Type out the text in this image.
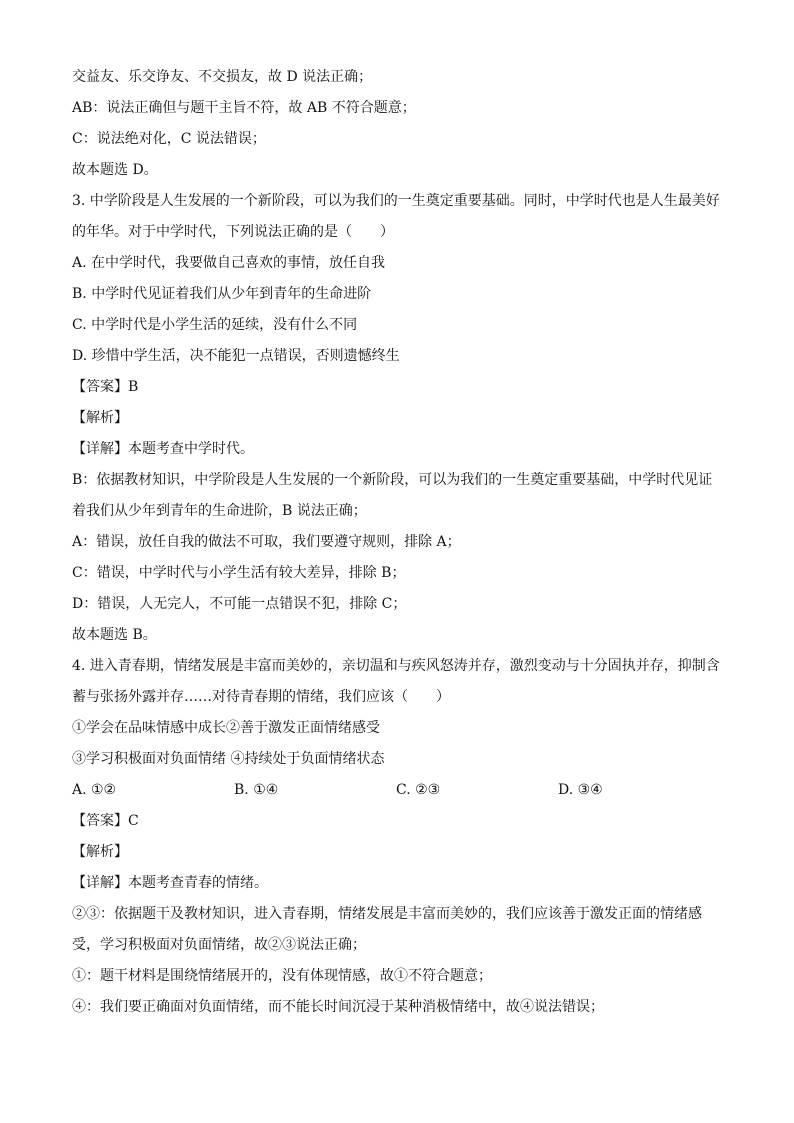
交益友、乐交诤友、不交损友，故 D 说法正确；
AB：说法正确但与题干主旨不符，故 AB 不符合题意；
C：说法绝对化，C 说法错误；
故本题选 D。
3. 中学阶段是人生发展的一个新阶段，可以为我们的一生奠定重要基础。同时，中学时代也是人生最美好
的年华。对于中学时代，下列说法正确的是（　　）
A. 在中学时代，我要做自己喜欢的事情，放任自我
B. 中学时代见证着我们从少年到青年的生命进阶
C. 中学时代是小学生活的延续，没有什么不同
D. 珍惜中学生活，决不能犯一点错误，否则遗憾终生
【答案】B
【解析】
【详解】本题考查中学时代。
B：依据教材知识，中学阶段是人生发展的一个新阶段，可以为我们的一生奠定重要基础，中学时代见证
着我们从少年到青年的生命进阶，B 说法正确；
A：错误，放任自我的做法不可取，我们要遵守规则，排除 A；
C：错误，中学时代与小学生活有较大差异，排除 B；
D：错误，人无完人，不可能一点错误不犯，排除 C；
故本题选 B。
4. 进入青春期，情绪发展是丰富而美妙的，亲切温和与疾风怒涛并存，激烈变动与十分固执并存，抑制含
蓄与张扬外露并存……对待青春期的情绪，我们应该（　　）
①学会在品味情感中成长②善于激发正面情绪感受
③学习积极面对负面情绪 ④持续处于负面情绪状态
A. ①②	B. ①④	C. ②③	D. ③④
【答案】C
【解析】
【详解】本题考查青春的情绪。
②③：依据题干及教材知识，进入青春期，情绪发展是丰富而美妙的，我们应该善于激发正面的情绪感
受，学习积极面对负面情绪，故②③说法正确；
①：题干材料是围绕情绪展开的，没有体现情感，故①不符合题意；
④：我们要正确面对负面情绪，而不能长时间沉浸于某种消极情绪中，故④说法错误；
